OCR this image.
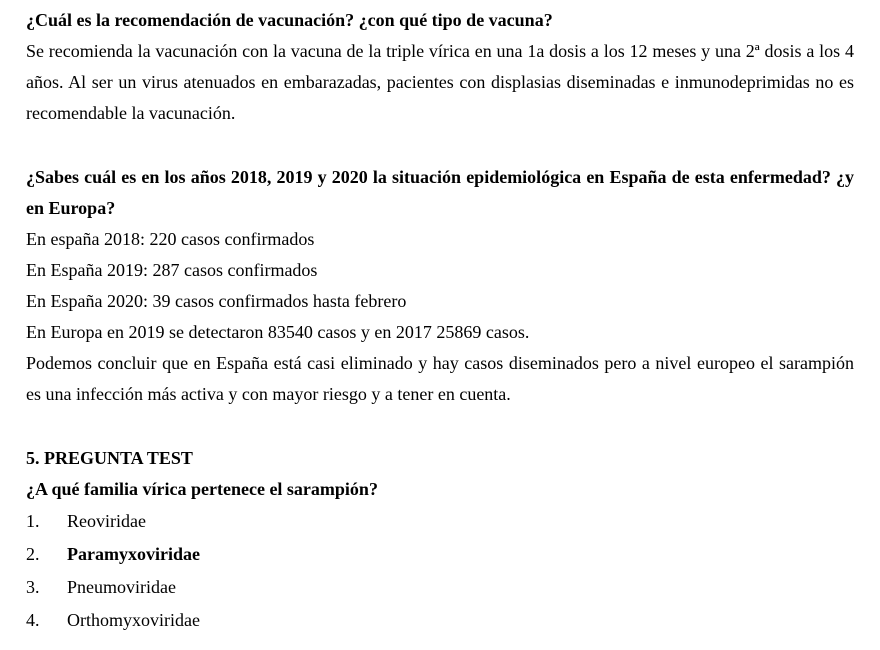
¿Cuál es la recomendación de vacunación? ¿con qué tipo de vacuna?

Se recomienda la vacunación con la vacuna de la triple vírica en una 1a dosis a los 12 meses y una 2ª dosis a los 4 años. Al ser un virus atenuados en embarazadas, pacientes con displasias diseminadas e inmunodeprimidas no es recomendable la vacunación.

¿Sabes cuál es en los años 2018, 2019 y 2020 la situación epidemiológica en España de esta enfermedad? ¿y en Europa?

En españa 2018: 220 casos confirmados

En España 2019: 287 casos confirmados

En España 2020: 39 casos confirmados hasta febrero

En Europa en 2019 se detectaron 83540 casos y en 2017 25869 casos.

Podemos concluir que en España está casi eliminado y hay casos diseminados pero a nivel europeo el sarampión es una infección más activa y con mayor riesgo y a tener en cuenta.

5. PREGUNTA TEST

¿A qué familia vírica pertenece el sarampión?

1.	Reoviridae
2.	Paramyxoviridae
3.	Pneumoviridae
4.	Orthomyxoviridae
